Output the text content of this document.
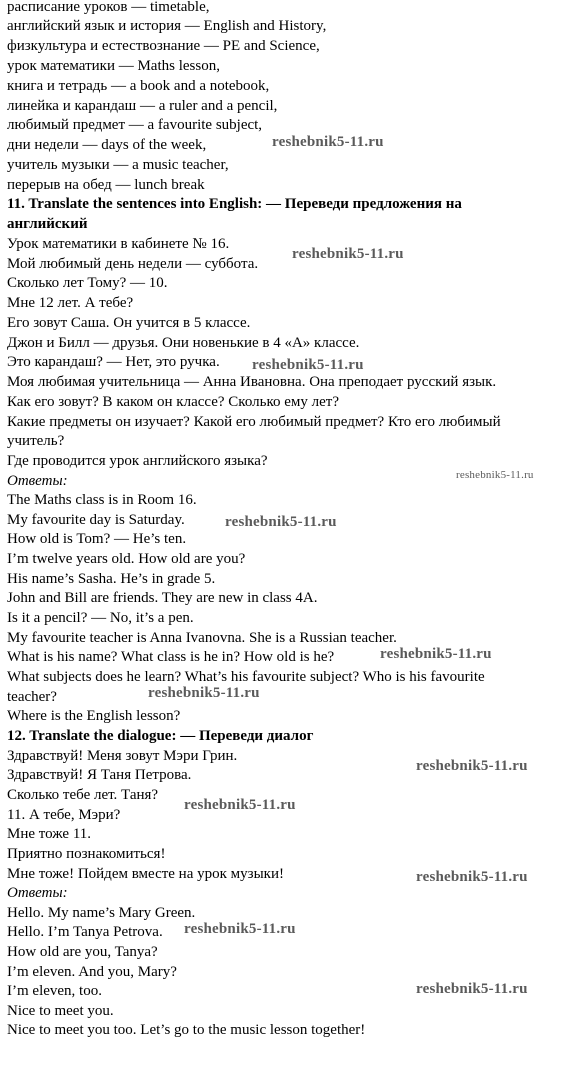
расписание уроков — timetable,
английский язык и история — English and History,
физкультура и естествознание — PE and Science,
урок математики — Maths lesson,
книга и тетрадь — a book and a notebook,
линейка и карандаш — a ruler and a pencil,
любимый предмет — a favourite subject,
дни недели — days of the week,
учитель музыки — a music teacher,
перерыв на обед — lunch break
11. Translate the sentences into English: — Переведи предложения на
английский
Урок математики в кабинете № 16.
Мой любимый день недели — суббота.
Сколько лет Тому? — 10.
Мне 12 лет. А тебе?
Его зовут Саша. Он учится в 5 классе.
Джон и Билл — друзья. Они новенькие в 4 «А» классе.
Это карандаш? — Нет, это ручка.
Моя любимая учительница — Анна Ивановна. Она преподает русский язык.
Как его зовут? В каком он классе? Сколько ему лет?
Какие предметы он изучает? Какой его любимый предмет? Кто его любимый
учитель?
Где проводится урок английского языка?
Ответы:
The Maths class is in Room 16.
My favourite day is Saturday.
How old is Tom? — He’s ten.
I’m twelve years old. How old are you?
His name’s Sasha. He’s in grade 5.
John and Bill are friends. They are new in class 4A.
Is it a pencil? — No, it’s a pen.
My favourite teacher is Anna Ivanovna. She is a Russian teacher.
What is his name? What class is he in? How old is he?
What subjects does he learn? What’s his favourite subject? Who is his favourite
teacher?
Where is the English lesson?
12. Translate the dialogue: — Переведи диалог
Здравствуй! Меня зовут Мэри Грин.
Здравствуй! Я Таня Петрова.
Сколько тебе лет. Таня?
11. А тебе, Мэри?
Мне тоже 11.
Приятно познакомиться!
Мне тоже! Пойдем вместе на урок музыки!
Ответы:
Hello. My name’s Mary Green.
Hello. I’m Tanya Petrova.
How old are you, Tanya?
I’m eleven. And you, Mary?
I’m eleven, too.
Nice to meet you.
Nice to meet you too. Let’s go to the music lesson together!
reshebnik5-11.ru
reshebnik5-11.ru
reshebnik5-11.ru
reshebnik5-11.ru
reshebnik5-11.ru
reshebnik5-11.ru
reshebnik5-11.ru
reshebnik5-11.ru
reshebnik5-11.ru
reshebnik5-11.ru
reshebnik5-11.ru
reshebnik5-11.ru
